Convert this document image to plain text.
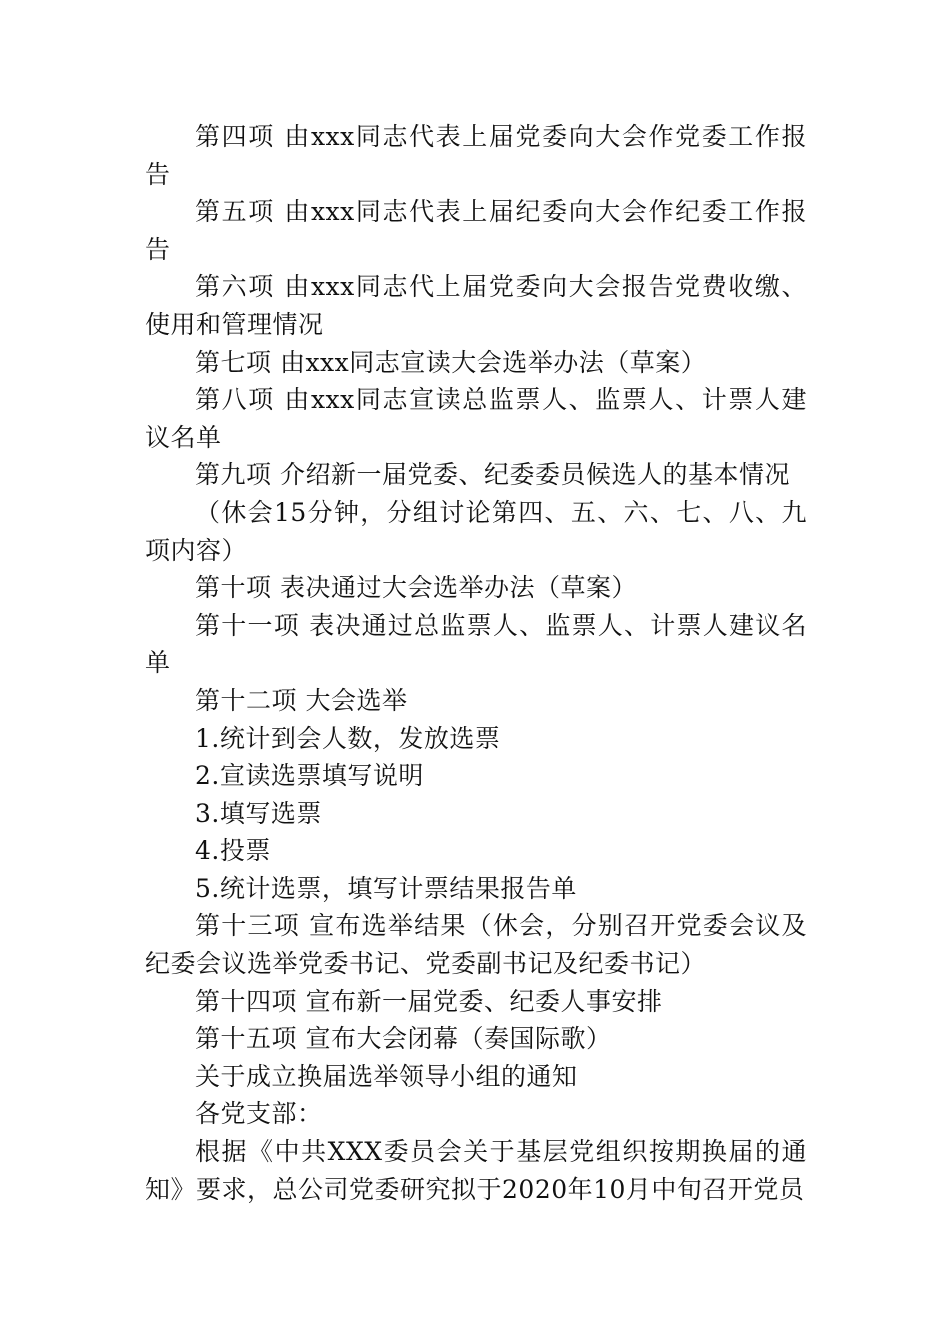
第四项 由xxx同志代表上届党委向大会作党委工作报告

第五项 由xxx同志代表上届纪委向大会作纪委工作报告

第六项 由xxx同志代上届党委向大会报告党费收缴、使用和管理情况

第七项 由xxx同志宣读大会选举办法（草案）

第八项 由xxx同志宣读总监票人、监票人、计票人建议名单

第九项 介绍新一届党委、纪委委员候选人的基本情况

（休会15分钟，分组讨论第四、五、六、七、八、九项内容）

第十项 表决通过大会选举办法（草案）

第十一项 表决通过总监票人、监票人、计票人建议名单

第十二项 大会选举

1.统计到会人数，发放选票

2.宣读选票填写说明

3.填写选票

4.投票

5.统计选票，填写计票结果报告单

第十三项 宣布选举结果（休会，分别召开党委会议及纪委会议选举党委书记、党委副书记及纪委书记）

第十四项 宣布新一届党委、纪委人事安排

第十五项 宣布大会闭幕（奏国际歌）

关于成立换届选举领导小组的通知

各党支部：

根据《中共XXX委员会关于基层党组织按期换届的通知》要求，总公司党委研究拟于2020年10月中旬召开党员
